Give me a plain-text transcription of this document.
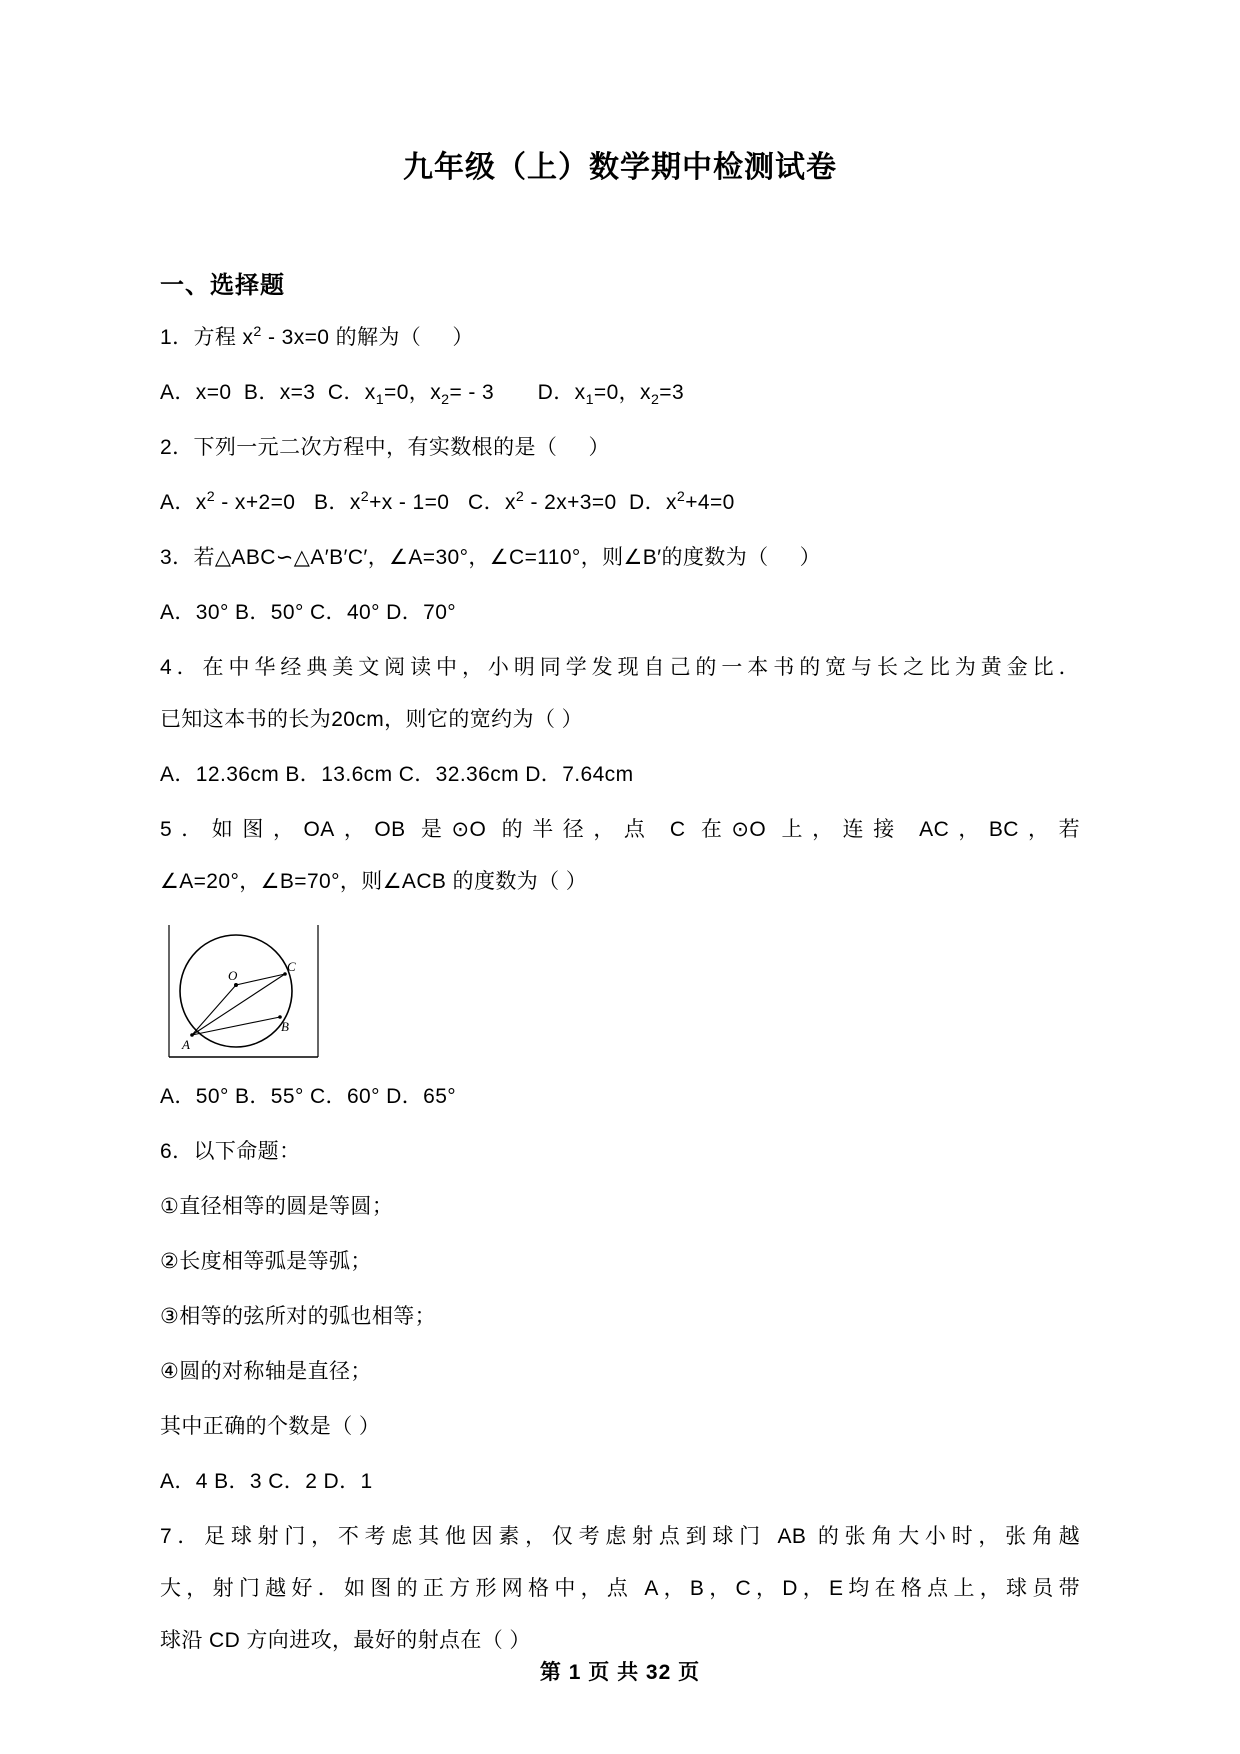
九年级（上）数学期中检测试卷
一、选择题
1．方程 $x^2 - 3x=0$ 的解为（     ）
A．x=0  B．x=3  C．$x_1=0$，$x_2= - 3$       D．$x_1=0$，$x_2=3$
2．下列一元二次方程中，有实数根的是（     ）
A．$x^2 - x+2=0$   B．$x^2+x - 1=0$   C．$x^2 - 2x+3=0$  D．$x^2+4=0$
3．若△ABC∽△A′B′C′，∠A=30°，∠C=110°，则∠B′的度数为（     ）
A．30° B．50° C．40° D．70°
4．在中华经典美文阅读中，小明同学发现自己的一本书的宽与长之比为黄金比．
已知这本书的长为20cm，则它的宽约为（ ）
A．12.36cm B．13.6cm C．32.36cm D．7.64cm
5．如图，OA，OB 是⊙O 的半径，点 C 在⊙O 上，连接 AC，BC，若
∠A=20°，∠B=70°，则∠ACB 的度数为（ ）
O
A
B
C
A．50° B．55° C．60° D．65°
6．以下命题：
①直径相等的圆是等圆；
②长度相等弧是等弧；
③相等的弦所对的弧也相等；
④圆的对称轴是直径；
其中正确的个数是（ ）
A．4 B．3 C．2 D．1
7．足球射门，不考虑其他因素，仅考虑射点到球门 AB 的张角大小时，张角越
大，射门越好．如图的正方形网格中，点 A，B，C，D，E均在格点上，球员带
球沿 CD 方向进攻，最好的射点在（ ）
第 1 页 共 32 页
